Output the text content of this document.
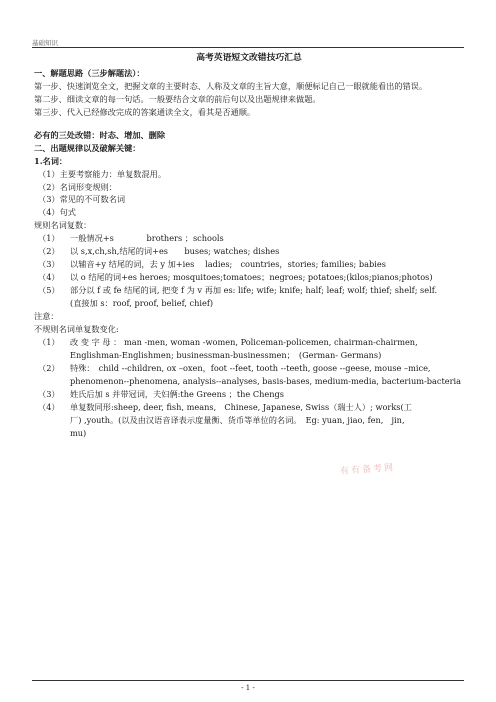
基础知识
高考英语短文改错技巧汇总
一、解题思路（三步解题法）：

第一步、快速浏览全文，把握文章的主要时态、人称及文章的主旨大意，顺便标记自己一眼就能看出的错误。

第二步、细读文章的每一句话。一般要结合文章的前后句以及出题规律来做题。

第三步、代入已经修改完成的答案通读全文，看其是否通顺。

必有的三处改错：时态、增加、删除
二、出题规律以及破解关键：
1.名词：
（1）主要考察能力：单复数混用。
（2）名词形变规则：
（3）常见的不可数名词
（4）句式
规则名词复数：
（1）	一般情况+s　　　　brothers ；schools
（2）	以 s,x,ch,sh,结尾的词+es　　buses; watches; dishes
（3）	以辅音+y 结尾的词，去 y 加+ies　 ladies;　countries，stories; families; babies
（4）	以 o 结尾的词+es heroes; mosquitoes;tomatoes；negroes; potatoes;(kilos;pianos;photos)
（5）	部分以 f 或 fe 结尾的词, 把变 f 为 v 再加 es: life; wife; knife; half; leaf; wolf; thief; shelf; self.
(直接加 s：roof, proof, belief, chief)
注意：
不规则名词单复数变化:
（1）	改 变 字 母 ： man -men, woman -women, Policeman-policemen, chairman-chairmen,
Englishman-Englishmen; businessman-businessmen；　(German- Germans)
（2）	特殊：　child --children, ox –oxen，foot --feet, tooth --teeth, goose --geese, mouse –mice,
phenomenon--phenomena, analysis--analyses, basis-bases, medium-media, bacterium-bacteria
（3）	姓氏后加 s 并带冠词，夫妇俩:the Greens ；the Chengs
（4）	单复数同形:sheep, deer, fish, means,　Chinese, Japanese, Swiss（瑞士人）; works(工
厂) ,youth。(以及由汉语音译表示度量衡、货币等单位的名词。　Eg: yuan, jiao, fen,　jin,
mu)
有有备考网
- 1 -
